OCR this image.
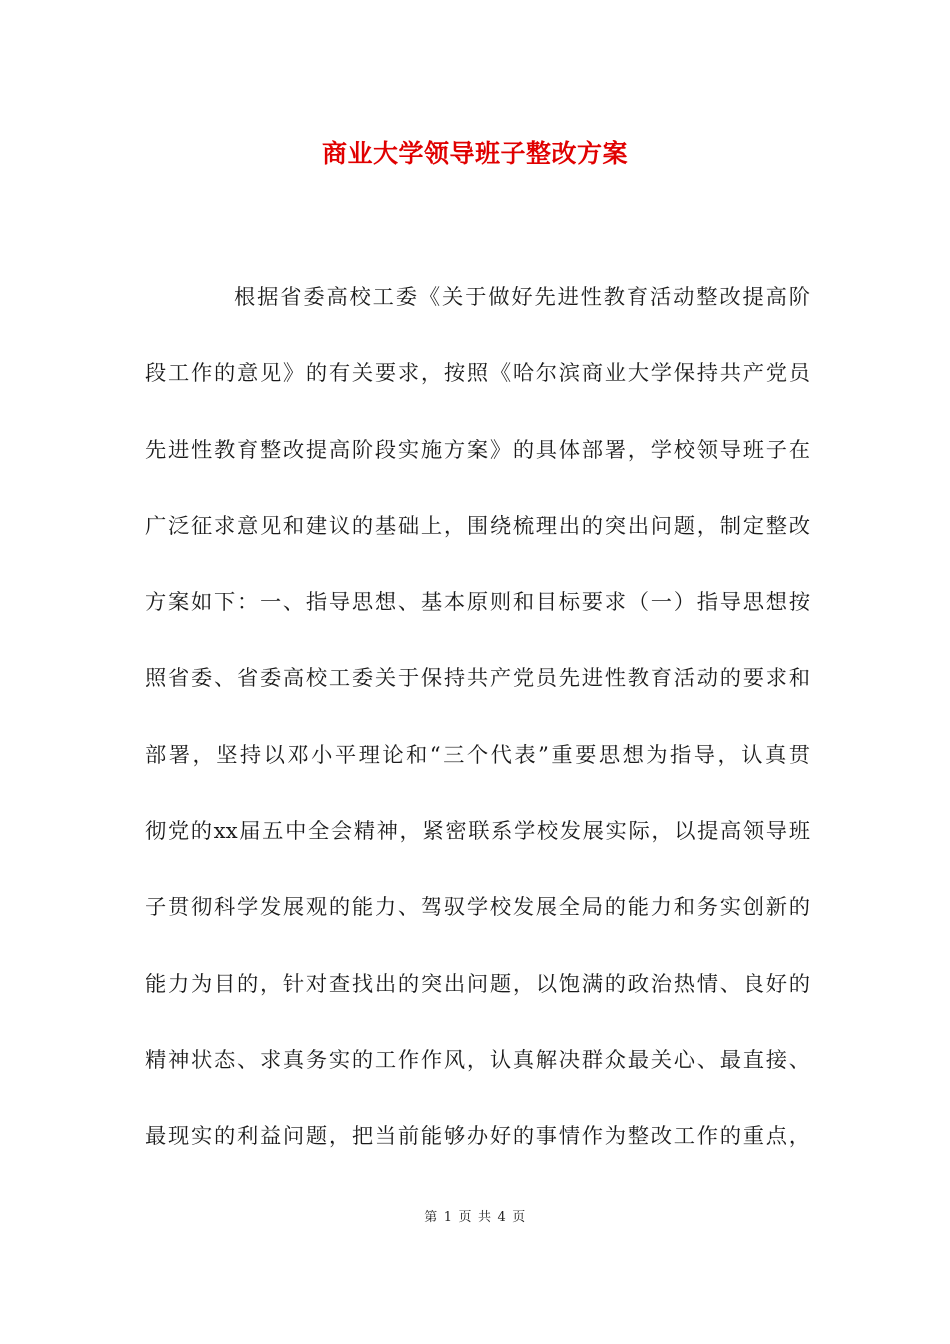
商业大学领导班子整改方案
根据省委高校工委《关于做好先进性教育活动整改提高阶
段工作的意见》的有关要求，按照《哈尔滨商业大学保持共产党员
先进性教育整改提高阶段实施方案》的具体部署，学校领导班子在
广泛征求意见和建议的基础上，围绕梳理出的突出问题，制定整改
方案如下：一、指导思想、基本原则和目标要求（一）指导思想按
照省委、省委高校工委关于保持共产党员先进性教育活动的要求和
部署，坚持以邓小平理论和“三个代表”重要思想为指导，认真贯
彻党的xx届五中全会精神，紧密联系学校发展实际，以提高领导班
子贯彻科学发展观的能力、驾驭学校发展全局的能力和务实创新的
能力为目的，针对查找出的突出问题，以饱满的政治热情、良好的
精神状态、求真务实的工作作风，认真解决群众最关心、最直接、
最现实的利益问题，把当前能够办好的事情作为整改工作的重点，
第 1 页 共 4 页
